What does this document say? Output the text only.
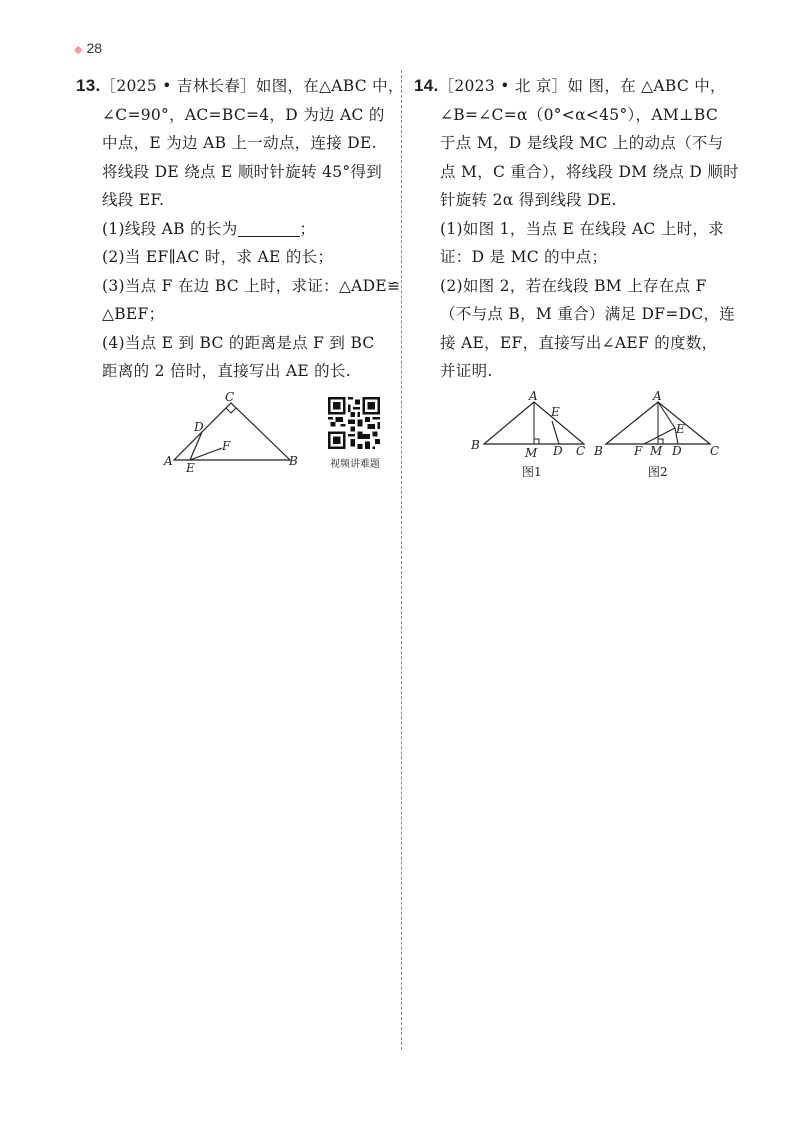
◆ 28
13.［2025 • 吉林长春］如图，在△ABC 中，
∠C=90°，AC=BC=4，D 为边 AC 的
中点，E 为边 AB 上一动点，连接 DE.
将线段 DE 绕点 E 顺时针旋转 45°得到
线段 EF.
(1)线段 AB 的长为	；
(2)当 EF∥AC 时，求 AE 的长；
(3)当点 F 在边 BC 上时，求证：△ADE≌
△BEF；
(4)当点 E 到 BC 的距离是点 F 到 BC
距离的 2 倍时，直接写出 AE 的长.
C
D
F
A E	B	视频讲难题
14.［2023 • 北 京］如 图，在 △ABC 中，
∠B=∠C=α（0°<α<45°），AM⊥BC
于点 M，D 是线段 MC 上的动点（不与
点 M，C 重合），将线段 DM 绕点 D 顺时
针旋转 2α 得到线段 DE.
(1)如图 1，当点 E 在线段 AC 上时，求
证：D 是 MC 的中点；
(2)如图 2，若在线段 BM 上存在点 F
（不与点 B，M 重合）满足 DF=DC，连
接 AE，EF，直接写出∠AEF 的度数，
并证明.
A
E
B
M D C
图1
A
E
B	F M D C
图2
